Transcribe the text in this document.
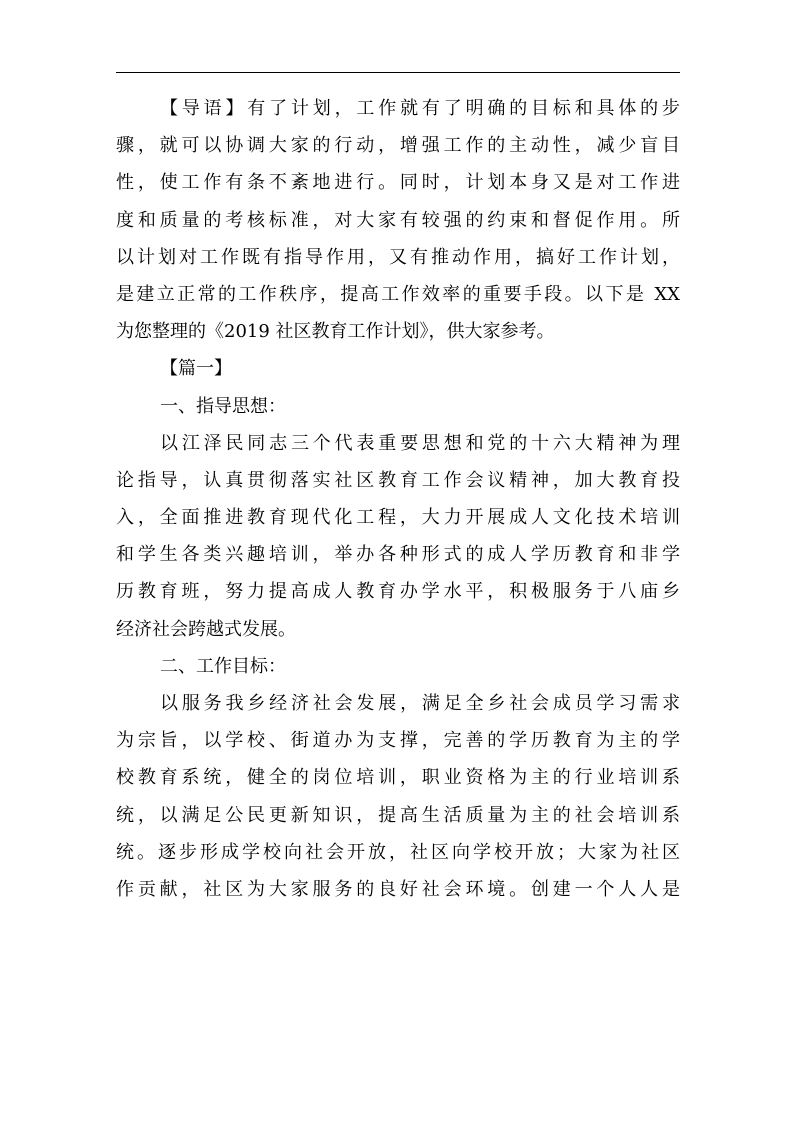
【导语】有了计划，工作就有了明确的目标和具体的步
骤，就可以协调大家的行动，增强工作的主动性，减少盲目
性，使工作有条不紊地进行。同时，计划本身又是对工作进
度和质量的考核标准，对大家有较强的约束和督促作用。所
以计划对工作既有指导作用，又有推动作用，搞好工作计划，
是建立正常的工作秩序，提高工作效率的重要手段。以下是 XX
为您整理的《2019 社区教育工作计划》，供大家参考。
【篇一】
一、指导思想：
以江泽民同志三个代表重要思想和党的十六大精神为理
论指导，认真贯彻落实社区教育工作会议精神，加大教育投
入，全面推进教育现代化工程，大力开展成人文化技术培训
和学生各类兴趣培训，举办各种形式的成人学历教育和非学
历教育班，努力提高成人教育办学水平，积极服务于八庙乡
经济社会跨越式发展。
二、工作目标：
以服务我乡经济社会发展，满足全乡社会成员学习需求
为宗旨，以学校、街道办为支撑，完善的学历教育为主的学
校教育系统，健全的岗位培训，职业资格为主的行业培训系
统，以满足公民更新知识，提高生活质量为主的社会培训系
统。逐步形成学校向社会开放，社区向学校开放；大家为社区
作贡献，社区为大家服务的良好社会环境。创建一个人人是
